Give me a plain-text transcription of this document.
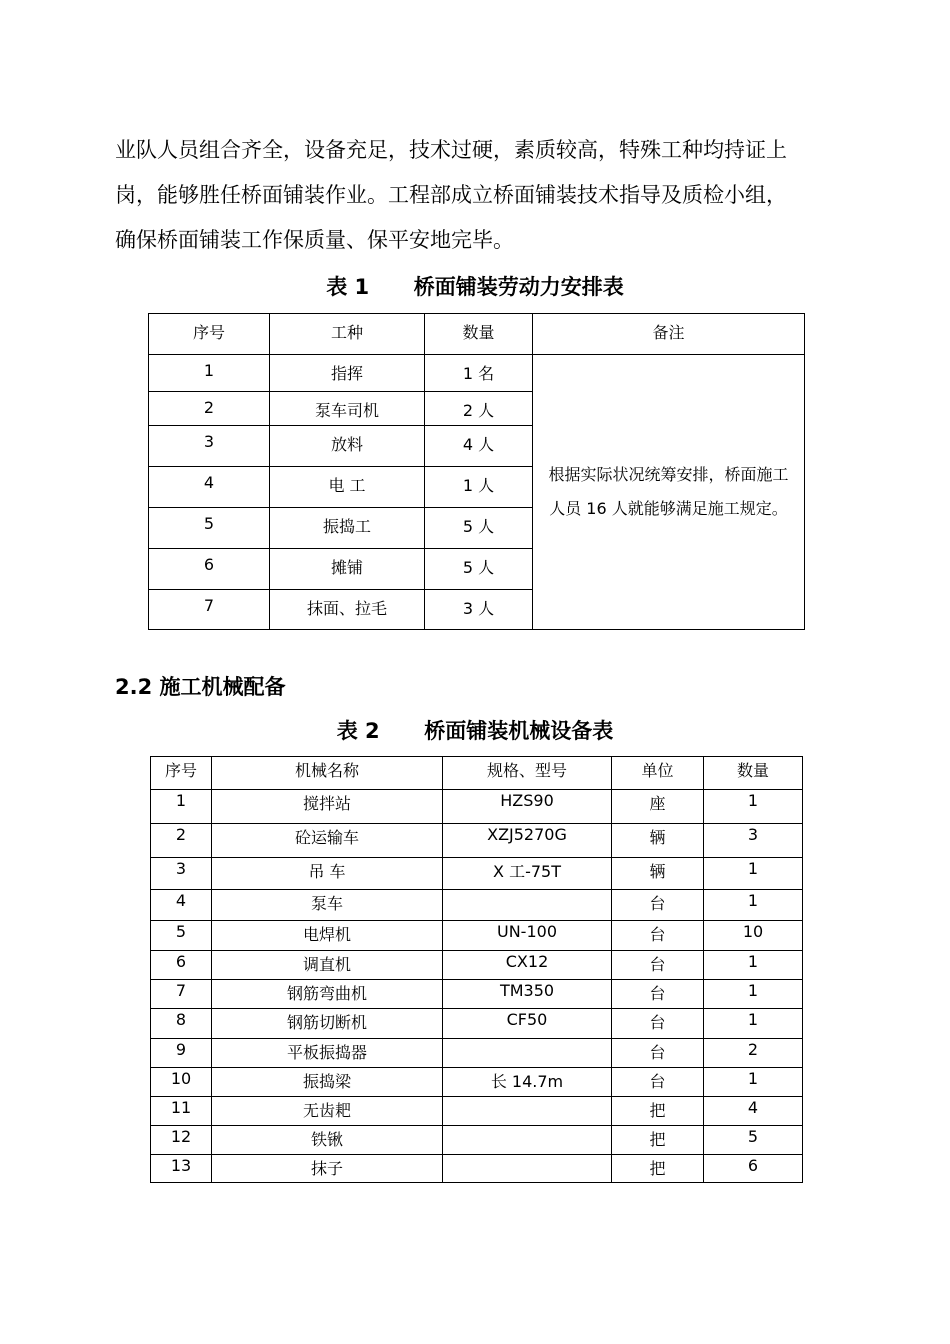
业队人员组合齐全，设备充足，技术过硬，素质较高，特殊工种均持证上

岗，能够胜任桥面铺装作业。工程部成立桥面铺装技术指导及质检小组，

确保桥面铺装工作保质量、保平安地完毕。

表 1 桥面铺装劳动力安排表
序号	工种	数量	备注
1	指挥	1 名	根据实际状况统筹安排，桥面施工人员 16 人就能够满足施工规定。
2	泵车司机	2 人	
3	放料	4 人	
4	电 工	1 人	
5	振捣工	5 人	
6	摊铺	5 人	
7	抹面、拉毛	3 人	
2.2 施工机械配备
表 2 桥面铺装机械设备表
序号	机械名称	规格、型号	单位	数量
1	搅拌站	HZS90	座	1
2	砼运输车	XZJ5270G	辆	3
3	吊 车	X 工-75T	辆	1
4	泵车		台	1
5	电焊机	UN-100	台	10
6	调直机	CX12	台	1
7	钢筋弯曲机	TM350	台	1
8	钢筋切断机	CF50	台	1
9	平板振捣器		台	2
10	振捣梁	长 14.7m	台	1
11	无齿耙		把	4
12	铁锹		把	5
13	抹子		把	6
